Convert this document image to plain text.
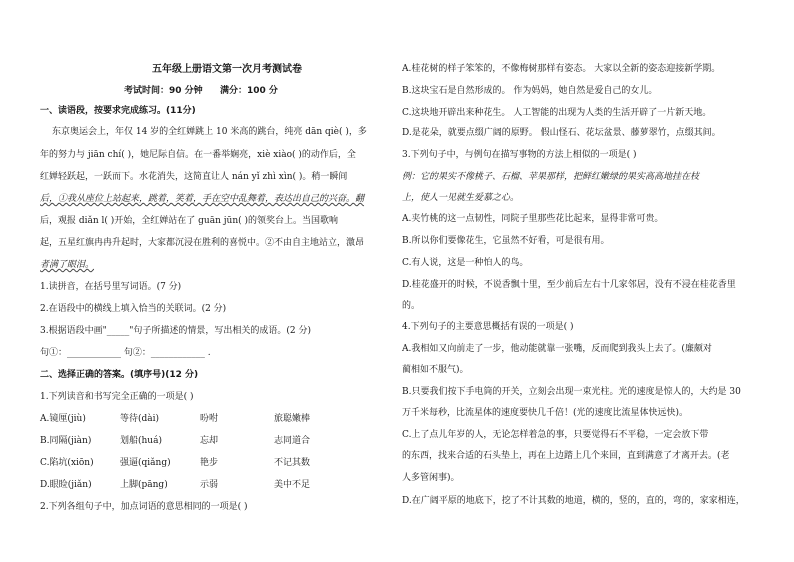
五年级上册语文第一次月考测试卷
考试时间：90 分钟 满分：100 分
一、读语段，按要求完成练习。(11分)
东京奥运会上，年仅 14 岁的全红婵跳上 10 米高的跳台，纯亮 dān qiè( )，多
年的努力与 jiān chí( )，她尼际自信。在一番举娴亮，xiè xiào( )的动作后，全
红婵轻跃起，一跃而下。水花消失，这简直让人 nán yǐ zhì xìn( )。稍一瞬间
后，①我从座位上站起来，跳着，笑着，手在空中乱舞着，表达出自己的兴奋。翻
后，观报 diǎn l( )开始，全红婵站在了 guān jūn( )的领奖台上。当国歌响
起，五星红旗冉冉升起时，大家都沉浸在胜利的喜悦中。②不由自主地站立，激昂
者满了眼泪。
1.读拼音，在括号里写词语。(7 分)
2.在语段中的横线上填入恰当的关联词。(2 分)
3.根据语段中画"_____"句子所描述的情景，写出相关的成语。(2 分)
句①：____________ 句②：____________ .
二、选择正确的答案。(填序号)(12 分)
1.下列读音和书写完全正确的一项是( )
A.镜厘(jiù)	等待(dài)	吩咐	旅聪嫩棒
B.同隔(jiàn)	划船(huá)	忘却	志同道合
C.陷坑(xiōn)	强逼(qiǎng)	艳步	不记其数
D.眼睑(jiǎn)	上脚(pāng)	示弱	美中不足
2.下列各组句子中，加点词语的意思相同的一项是( )
A.桂花树的样子笨笨的，不像梅树那样有姿态。 大家以全新的姿态迎接新学期。
B.这块宝石是自然形成的。 作为妈妈，她自然是爱自己的女儿。
C.这块地开辟出来种花生。 人工智能的出现为人类的生活开辟了一片新天地。
D.是花朵，就要点缀广阔的原野。 假山怪石、花坛盆景、藤萝翠竹，点缀其间。
3.下列句子中，与例句在描写事物的方法上相似的一项是( )
例：它的果实不像桃子、石榴、苹果那样，把鲜红嫩绿的果实高高地挂在枝
上，使人一见就生爱慕之心。
A.夹竹桃的这一点韧性，同院子里那些花比起来，显得非常可贵。
B.所以你们要像花生，它虽然不好看，可是很有用。
C.有人说，这是一种怕人的鸟。
D.桂花盛开的时候，不说香飘十里，至少前后左右十几家邻居，没有不浸在桂花香里
的。
4.下列句子的主要意思概括有误的一项是( )
A.我相如又向前走了一步，他动能就靠一张嘴，反而爬到我头上去了。(廉颇对
蔺相如不服气)。
B.只要我们按下手电筒的开关，立刻会出现一束光柱。光的速度是惊人的，大约是 30
万千米每秒，比流星体的速度要快几千倍！(光的速度比流星体快远快)。
C.上了点儿年岁的人，无论怎样着急的事，只要觉得石不平稳，一定会放下带
的东西，找来合适的石头垫上，再在上边踏上几个来回，直到满意了才离开去。(老
人多管闲事)。
D.在广阔平原的地底下，挖了不计其数的地道，横的，竖的，直的，弯的，家家相连，
